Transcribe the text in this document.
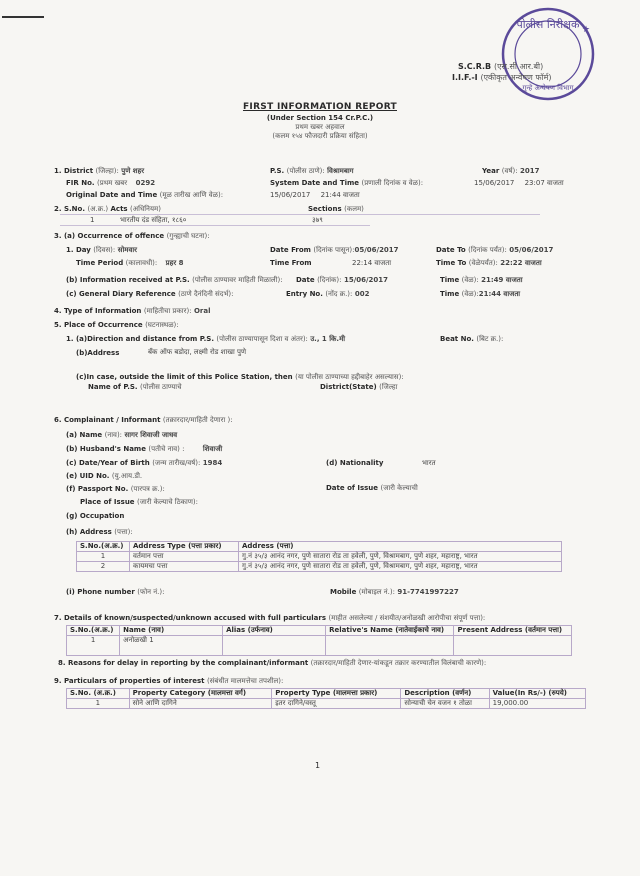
पोलीस निरीक्षक
गुन्हे अन्वेषण विभाग
★
S.C.R.B (एस.सी.आर.बी)
I.I.F.-I (एकीकृत अन्वेषण फॉर्म)
FIRST INFORMATION REPORT
(Under Section 154 Cr.P.C.)
प्रथम खबर अहवाल
(कलम १५४ फौजदारी प्रक्रिया संहिता)
1. District (जिल्हा): पुणे शहर	P.S. (पोलीस ठाणे): विश्रामबाग	Year (वर्ष): 2017
FIR No. (प्रथम खबर 0292	System Date and Time (प्रणाली दिनांक व वेळ):	15/06/2017 23:07 वाजता
Original Date and Time (मूळ तारीख आणि वेळ):	15/06/2017 21:44 वाजता
2. S.No. (अ.क्र.) Acts (अधिनियम)	Sections (कलम)
1	भारतीय दंड संहिता, १८६०	३७९
3. (a) Occurrence of offence (गुन्ह्याची घटना):
1. Day (दिवस): सोमवार	Date From (दिनांक पासून):05/06/2017	Date To (दिनांक पर्यंत): 05/06/2017
Time Period (कालावधी): प्रहर 8	Time From	22:14 वाजता	Time To (वेळेपर्यंत): 22:22 वाजता
(b) Information received at P.S. (पोलीस ठाण्यावर माहिती मिळाली): Date (दिनांक): 15/06/2017	Time (वेळ): 21:49 वाजता
(c) General Diary Reference (ठाणे दैनंदिनी संदर्भ):	Entry No. (नोंद क्र.): 002	Time (वेळ):21:44 वाजता
4. Type of Information (माहितीचा प्रकार): Oral
5. Place of Occurrence (घटनास्थळ):
1. (a)Direction and distance from P.S. (पोलीस ठाण्यापासून दिशा व अंतर): उ., 1 कि.मी	Beat No. (बिट क्र.):
(b)Address	बँक ऑफ बडोदा, लक्ष्मी रोड शाखा पुणे
(c)In case, outside the limit of this Police Station, then (या पोलीस ठाण्याच्या हद्दीबाहेर असल्यास):
Name of P.S. (पोलीस ठाण्याचे	District(State) (जिल्हा
6. Complainant / Informant (तक्रारदार/माहिती देणारा ):
(a) Name (नाव): सागर शिवाजी जाधव
(b) Husband's Name (पतीचे नाव) :	शिवाजी
(c) Date/Year of Birth (जन्म तारीख/वर्ष): 1984	(d) Nationality	भारत
(e) UID No. (यु.आय.डी.
(f) Passport No. (पारपत्र क्र.):	Date of Issue (जारी केल्याची
Place of Issue (जारी केल्याचे ठिकाण):
(g) Occupation
(h) Address (पत्ता):
S.No.(अ.क्र.)	Address Type (पत्ता प्रकार)	Address (पत्ता)
1	वर्तमान पत्ता	गु.नं ३५/३ आनंद नगर, पुणे सातारा रोड ता हवेली, पुणे, विश्रामबाग, पुणे शहर, महाराष्ट्र, भारत
2	कायमचा पत्ता	गु.नं ३५/३ आनंद नगर, पुणे सातारा रोड ता हवेली, पुणे, विश्रामबाग, पुणे शहर, महाराष्ट्र, भारत
(i) Phone number (फोन नं.):	Mobile (मोबाइल नं.): 91-7741997227
7. Details of known/suspected/unknown accused with full particulars (माहीत असलेल्या / संशयीत/अनोळखी आरोपीचा संपूर्ण पत्ता):
S.No.(अ.क्र.)	Name (नाव)	Alias (उर्फनाव)	Relative's Name (नातेवाईकाचे नाव)	Present Address (वर्तमान पत्ता)
1	अनोळखी 1			
8. Reasons for delay in reporting by the complainant/informant (तक्रारदार/माहिती देणार-यांकडून तक्रार करण्यातील विलंबाची कारणे):
9. Particulars of properties of interest (संबंधीत मालमत्तेचा तपशील):
S.No. (अ.क्र.)	Property Category (मालमत्ता वर्ग)	Property Type (मालमत्ता प्रकार)	Description (वर्णन)	Value(In Rs/-) (रुपये)
1	सोने आणि दागिने	इतर दागिने/वस्तू	सोन्याची चेन वजन १ तोळा	19,000.00
1
